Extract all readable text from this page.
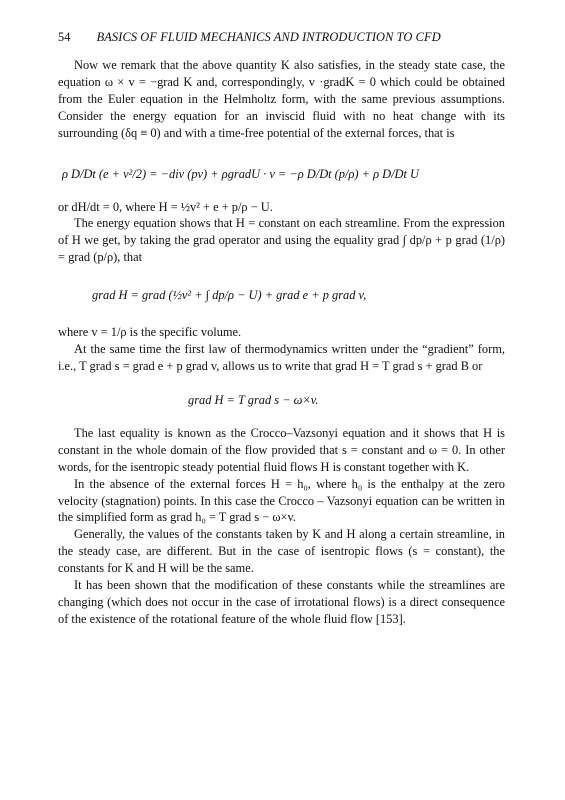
54 BASICS OF FLUID MECHANICS AND INTRODUCTION TO CFD

Now we remark that the above quantity K also satisfies, in the steady state case, the equation ω × v = −grad K and, correspondingly, v ·gradK = 0 which could be obtained from the Euler equation in the Helmholtz form, with the same previous assumptions. Consider the energy equation for an inviscid fluid with no heat change with its surrounding (δq ≡ 0) and with a time-free potential of the external forces, that is

ρ D/Dt (e + v²/2) = −div (pv) + ρgradU · v = −ρ D/Dt (p/ρ) + ρ D/Dt U

or dH/dt = 0, where H = ½v² + e + p/ρ − U.

The energy equation shows that H = constant on each streamline. From the expression of H we get, by taking the grad operator and using the equality grad ∫ dp/ρ + p grad (1/ρ) = grad (p/ρ), that

grad H = grad (½v² + ∫ dp/ρ − U) + grad e + p grad v,

where v = 1/ρ is the specific volume.

At the same time the first law of thermodynamics written under the “gradient” form, i.e., T grad s = grad e + p grad v, allows us to write that grad H = T grad s + grad B or

grad H = T grad s − ω×v.

The last equality is known as the Crocco–Vazsonyi equation and it shows that H is constant in the whole domain of the flow provided that s = constant and ω = 0. In other words, for the isentropic steady potential fluid flows H is constant together with K.

In the absence of the external forces H = h₀, where h₀ is the enthalpy at the zero velocity (stagnation) points. In this case the Crocco – Vazsonyi equation can be written in the simplified form as grad h₀ = T grad s − ω×v.

Generally, the values of the constants taken by K and H along a certain streamline, in the steady case, are different. But in the case of isentropic flows (s = constant), the constants for K and H will be the same.

It has been shown that the modification of these constants while the streamlines are changing (which does not occur in the case of irrotational flows) is a direct consequence of the existence of the rotational feature of the whole fluid flow [153].
